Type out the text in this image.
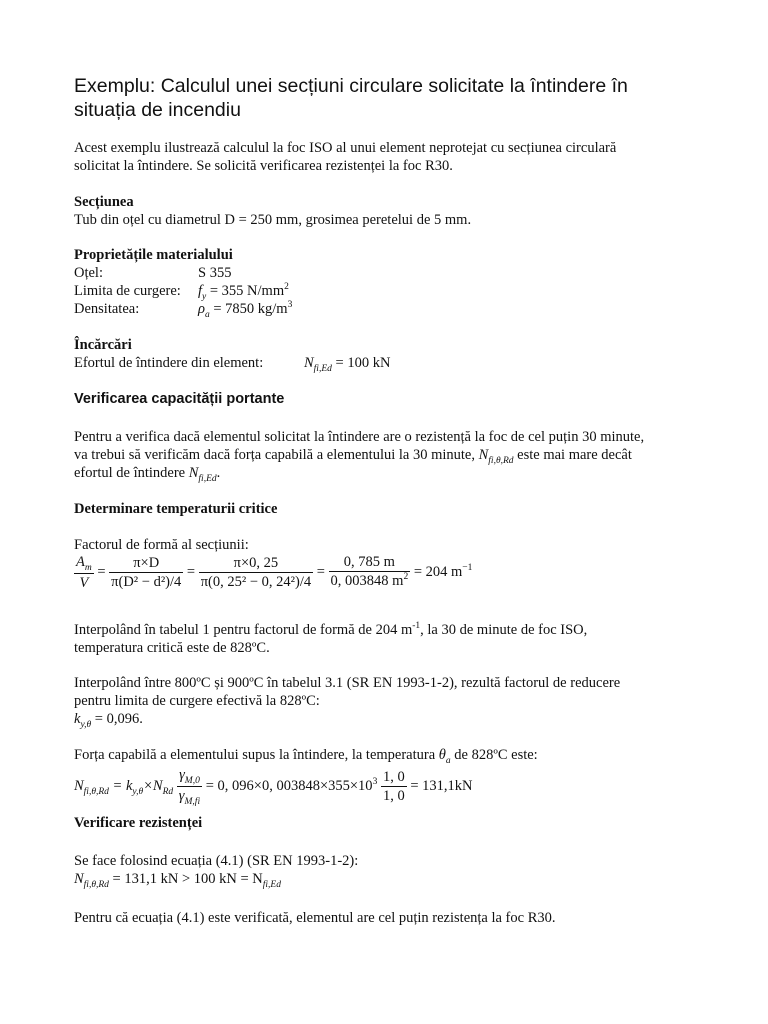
Exemplu: Calculul unei secțiuni circulare solicitate la întindere în
situația de incendiu
Acest exemplu ilustrează calculul la foc ISO al unui element neprotejat cu secțiunea circulară
solicitat la întindere. Se solicită verificarea rezistenței la foc R30.
Secțiunea
Tub din oțel cu diametrul D = 250 mm, grosimea peretelui de 5 mm.
Proprietățile materialului
Oțel:	S 355
Limita de curgere: $f_y = 355$ $N/mm^2$
Densitatea:	$\rho_a = 7850$ $kg/m^3$
Încărcări
Efortul de întindere din element:	$N_{fi,Ed} = 100$ kN
Verificarea capacității portante
Pentru a verifica dacă elementul solicitat la întindere are o rezistență la foc de cel puțin 30 minute,
va trebui să verificăm dacă forța capabilă a elementului la 30 minute, $N_{fi,\theta,Rd}$ este mai mare decât
efortul de întindere $N_{fi,Ed}$.
Determinare temperaturii critice
Factorul de formă al secțiunii:
$\frac{A_m}{V} = \frac{\pi\times D}{\text{π(D² − d²)/4}} = \frac{\pi\times 0, 25}{\text{π(0, 25² − 0, 24²)/4}} = \frac{0, 785 m}{0, 003848 m^2} = 204$ $m^{-1}$
Interpolând în tabelul 1 pentru factorul de formă de 204 $m^{-1}$, la 30 de minute de foc ISO,
temperatura critică este de 828ºC.
Interpolând între 800ºC și 900ºC în tabelul 3.1 (SR EN 1993-1-2), rezultă factorul de reducere
pentru limita de curgere efectivă la 828ºC:
$k_{y,\theta} = 0,096$.
Forța capabilă a elementului supus la întindere, la temperatura $\theta_a$ de 828ºC este:
$N_{fi,\theta,Rd} = k_{y,\theta}\times N_{Rd} \frac{\gamma_{M,0}}{\gamma_{M,fi}} = 0$, 096×0, $003848\times 355\times 10^3 \frac{1, 0}{1, 0} = 131,1kN$
Verificare rezistenței
Se face folosind ecuația (4.1) (SR EN 1993-1-2):
$N_{fi,\theta,Rd} = 131,1$ kN > 100 kN = $N_{fi,Ed}$
Pentru că ecuația (4.1) este verificată, elementul are cel puțin rezistența la foc R30.
